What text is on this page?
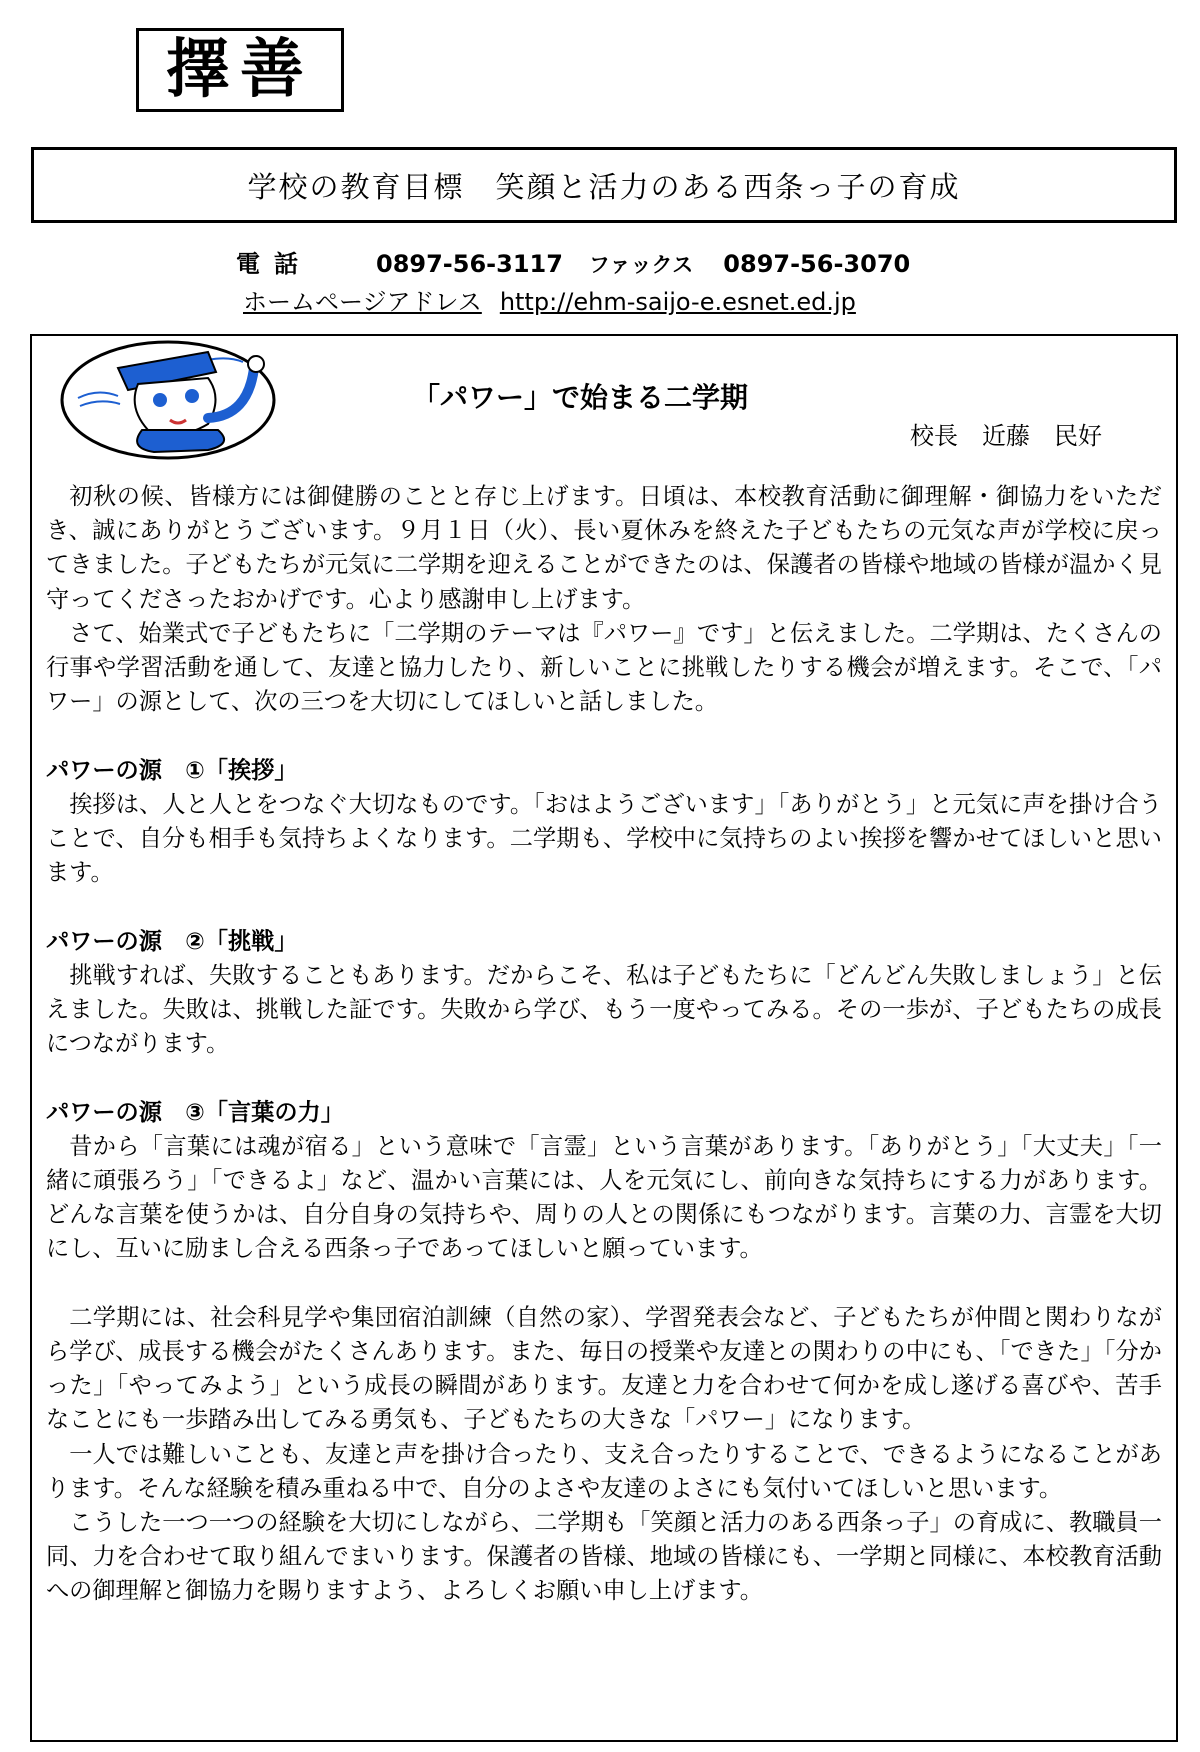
擇善
学校の教育目標　笑顔と活力のある西条っ子の育成
電話	0897-56-3117 ファックス 0897-56-3070
ホームページアドレス http://ehm-saijo-e.esnet.ed.jp
「パワー」で始まる二学期
校長　近藤　民好

初秋の候、皆様方には御健勝のことと存じ上げます。日頃は、本校教育活動に御理解・御協力をいただき、誠にありがとうございます。９月１日（火）、長い夏休みを終えた子どもたちの元気な声が学校に戻ってきました。子どもたちが元気に二学期を迎えることができたのは、保護者の皆様や地域の皆様が温かく見守ってくださったおかげです。心より感謝申し上げます。

さて、始業式で子どもたちに「二学期のテーマは『パワー』です」と伝えました。二学期は、たくさんの行事や学習活動を通して、友達と協力したり、新しいことに挑戦したりする機会が増えます。そこで、「パワー」の源として、次の三つを大切にしてほしいと話しました。

パワーの源　①「挨拶」

挨拶は、人と人とをつなぐ大切なものです。「おはようございます」「ありがとう」と元気に声を掛け合うことで、自分も相手も気持ちよくなります。二学期も、学校中に気持ちのよい挨拶を響かせてほしいと思います。

パワーの源　②「挑戦」

挑戦すれば、失敗することもあります。だからこそ、私は子どもたちに「どんどん失敗しましょう」と伝えました。失敗は、挑戦した証です。失敗から学び、もう一度やってみる。その一歩が、子どもたちの成長につながります。

パワーの源　③「言葉の力」

昔から「言葉には魂が宿る」という意味で「言霊」という言葉があります。「ありがとう」「大丈夫」「一緒に頑張ろう」「できるよ」など、温かい言葉には、人を元気にし、前向きな気持ちにする力があります。どんな言葉を使うかは、自分自身の気持ちや、周りの人との関係にもつながります。言葉の力、言霊を大切にし、互いに励まし合える西条っ子であってほしいと願っています。

二学期には、社会科見学や集団宿泊訓練（自然の家）、学習発表会など、子どもたちが仲間と関わりながら学び、成長する機会がたくさんあります。また、毎日の授業や友達との関わりの中にも、「できた」「分かった」「やってみよう」という成長の瞬間があります。友達と力を合わせて何かを成し遂げる喜びや、苦手なことにも一歩踏み出してみる勇気も、子どもたちの大きな「パワー」になります。

一人では難しいことも、友達と声を掛け合ったり、支え合ったりすることで、できるようになることがあります。そんな経験を積み重ねる中で、自分のよさや友達のよさにも気付いてほしいと思います。

こうした一つ一つの経験を大切にしながら、二学期も「笑顔と活力のある西条っ子」の育成に、教職員一同、力を合わせて取り組んでまいります。保護者の皆様、地域の皆様にも、一学期と同様に、本校教育活動への御理解と御協力を賜りますよう、よろしくお願い申し上げます。
